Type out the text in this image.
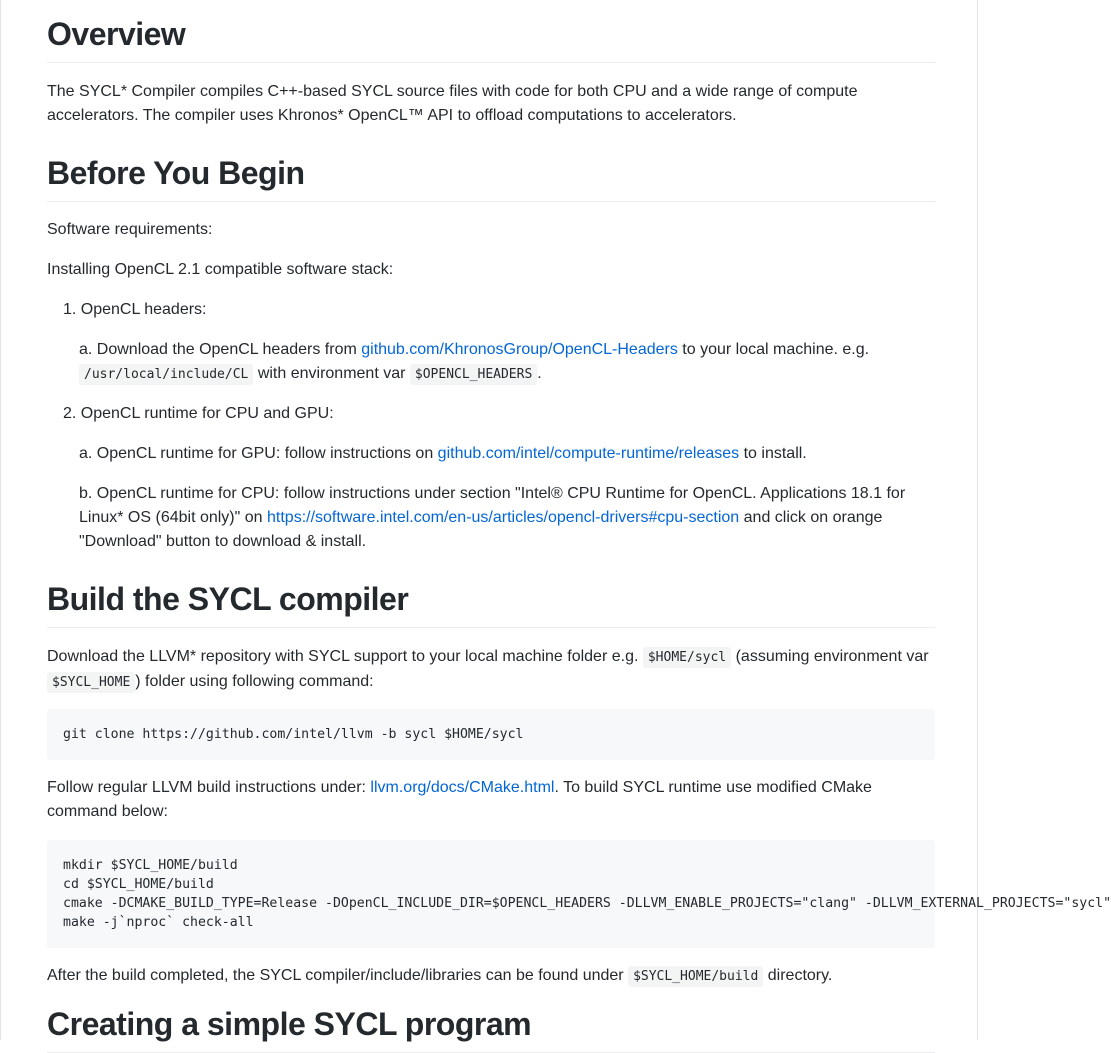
Overview

The SYCL* Compiler compiles C++-based SYCL source files with code for both CPU and a wide range of compute accelerators. The compiler uses Khronos* OpenCL™ API to offload computations to accelerators.

Before You Begin

Software requirements:

Installing OpenCL 2.1 compatible software stack:

1. OpenCL headers:

a. Download the OpenCL headers from github.com/KhronosGroup/OpenCL-Headers to your local machine. e.g.
/usr/local/include/CL with environment var $OPENCL_HEADERS .

2. OpenCL runtime for CPU and GPU:

a. OpenCL runtime for GPU: follow instructions on github.com/intel/compute-runtime/releases to install.

b. OpenCL runtime for CPU: follow instructions under section "Intel® CPU Runtime for OpenCL. Applications 18.1 for Linux* OS (64bit only)" on https://software.intel.com/en-us/articles/opencl-drivers#cpu-section and click on orange "Download" button to download & install.

Build the SYCL compiler

Download the LLVM* repository with SYCL support to your local machine folder e.g. $HOME/sycl (assuming environment var $SYCL_HOME ) folder using following command:

git clone https://github.com/intel/llvm -b sycl $HOME/sycl

Follow regular LLVM build instructions under: llvm.org/docs/CMake.html. To build SYCL runtime use modified CMake command below:

mkdir $SYCL_HOME/build
cd $SYCL_HOME/build
cmake -DCMAKE_BUILD_TYPE=Release -DOpenCL_INCLUDE_DIR=$OPENCL_HEADERS -DLLVM_ENABLE_PROJECTS="clang" -DLLVM_EXTERNAL_PROJECTS="sycl"
make -j`nproc` check-all

After the build completed, the SYCL compiler/include/libraries can be found under $SYCL_HOME/build directory.

Creating a simple SYCL program
